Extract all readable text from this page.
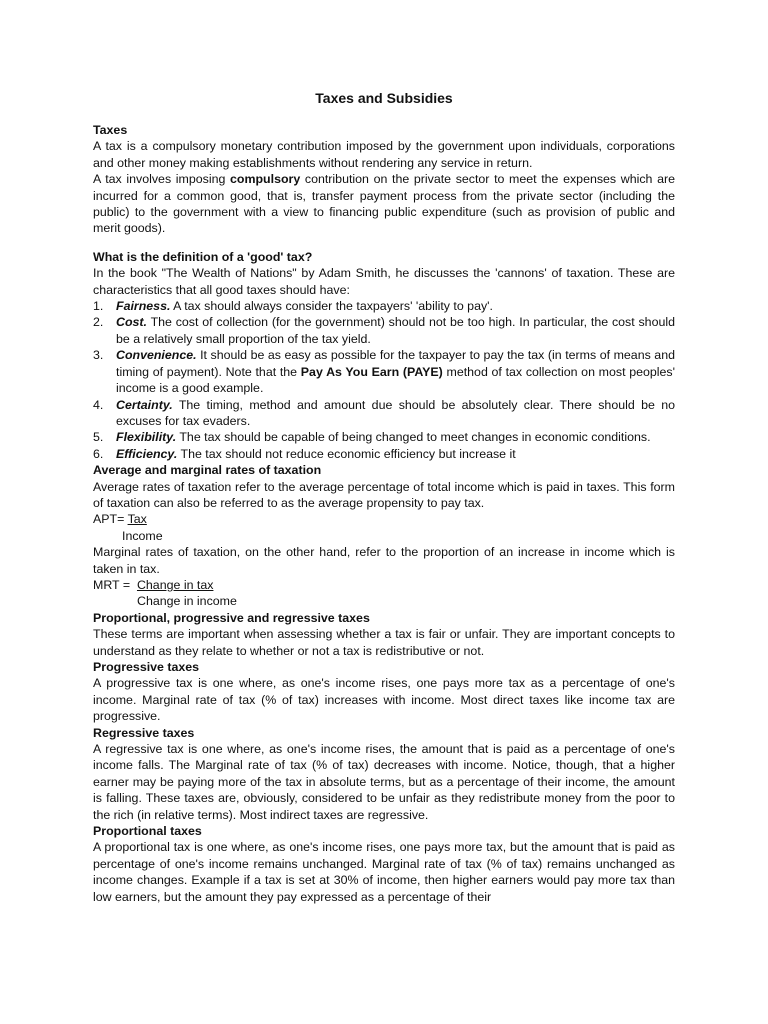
Taxes and Subsidies
Taxes

A tax is a compulsory monetary contribution imposed by the government upon individuals, corporations and other money making establishments without rendering any service in return.

A tax involves imposing compulsory contribution on the private sector to meet the expenses which are incurred for a common good, that is, transfer payment process from the private sector (including the public) to the government with a view to financing public expenditure (such as provision of public and merit goods).

What is the definition of a 'good' tax?

In the book "The Wealth of Nations" by Adam Smith, he discusses the 'cannons' of taxation. These are characteristics that all good taxes should have:

1. Fairness. A tax should always consider the taxpayers' 'ability to pay'.
2. Cost. The cost of collection (for the government) should not be too high. In particular, the cost should be a relatively small proportion of the tax yield.
3. Convenience. It should be as easy as possible for the taxpayer to pay the tax (in terms of means and timing of payment). Note that the Pay As You Earn (PAYE) method of tax collection on most peoples' income is a good example.
4. Certainty. The timing, method and amount due should be absolutely clear. There should be no excuses for tax evaders.
5. Flexibility. The tax should be capable of being changed to meet changes in economic conditions.
6. Efficiency. The tax should not reduce economic efficiency but increase it
Average and marginal rates of taxation

Average rates of taxation refer to the average percentage of total income which is paid in taxes. This form of taxation can also be referred to as the average propensity to pay tax.

APT= Tax
Income

Marginal rates of taxation, on the other hand, refer to the proportion of an increase in income which is taken in tax.

MRT =  Change in tax
Change in income
Proportional, progressive and regressive taxes

These terms are important when assessing whether a tax is fair or unfair. They are important concepts to understand as they relate to whether or not a tax is redistributive or not.

Progressive taxes

A progressive tax is one where, as one's income rises, one pays more tax as a percentage of one's income. Marginal rate of tax (% of tax) increases with income. Most direct taxes like income tax are progressive.

Regressive taxes

A regressive tax is one where, as one's income rises, the amount that is paid as a percentage of one's income falls. The Marginal rate of tax (% of tax) decreases with income. Notice, though, that a higher earner may be paying more of the tax in absolute terms, but as a percentage of their income, the amount is falling. These taxes are, obviously, considered to be unfair as they redistribute money from the poor to the rich (in relative terms). Most indirect taxes are regressive.

Proportional taxes

A proportional tax is one where, as one's income rises, one pays more tax, but the amount that is paid as percentage of one's income remains unchanged. Marginal rate of tax (% of tax) remains unchanged as income changes. Example if a tax is set at 30% of income, then higher earners would pay more tax than low earners, but the amount they pay expressed as a percentage of their
